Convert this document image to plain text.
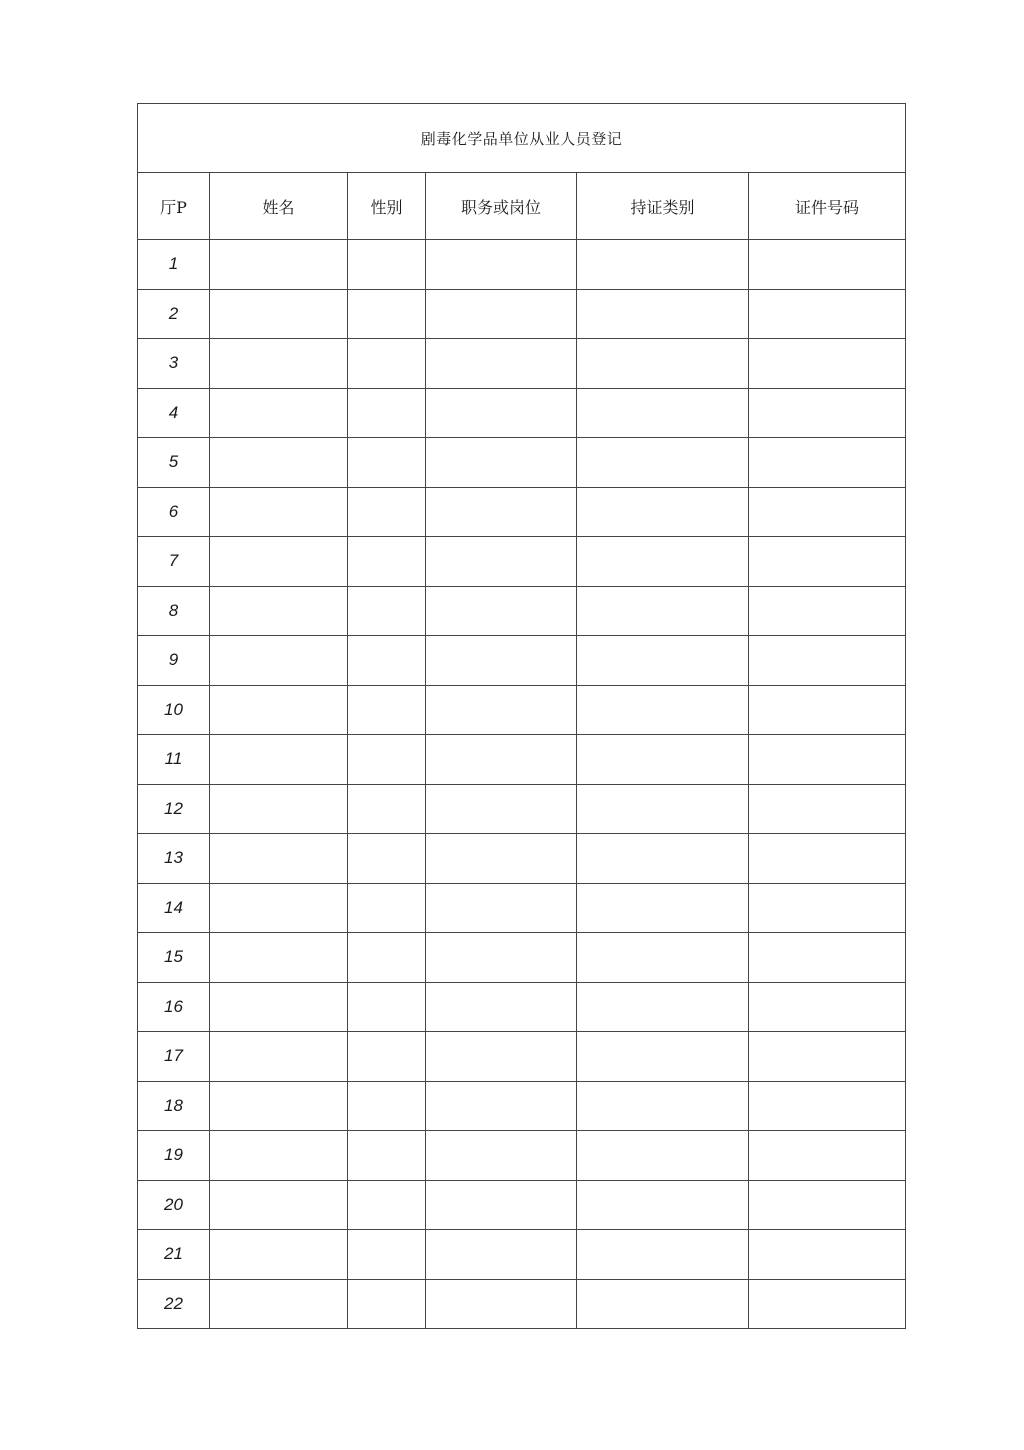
剧毒化学品单位从业人员登记					
厅P	姓名	性别	职务或岗位	持证类别	证件号码
1					
2					
3					
4					
5					
6					
7					
8					
9					
10					
11					
12					
13					
14					
15					
16					
17					
18					
19					
20					
21					
22					
